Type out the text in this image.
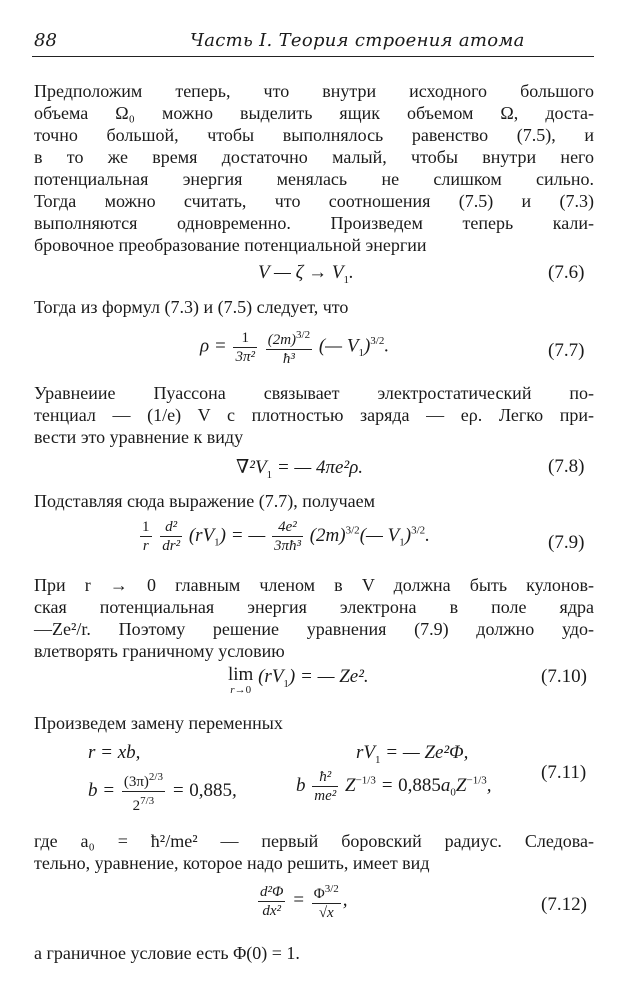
88	Часть I. Теория строения атома
Предположим теперь, что внутри исходного большого
объема Ω₀ можно выделить ящик объемом Ω, доста-
точно большой, чтобы выполнялось равенство (7.5), и
в то же время достаточно малый, чтобы внутри него
потенциальная энергия менялась не слишком сильно.
Тогда можно считать, что соотношения (7.5) и (7.3)
выполняются одновременно. Произведем теперь кали-
бровочное преобразование потенциальной энергии
V — $\zeta \to V_1$.	(7.6)
Тогда из формул (7.3) и (7.5) следует, что
$\rho = \frac{1}{\text{3π²}}$
$\frac{(2m)^{3/2}}{\text{ħ³}}$ (— $V_1)^{3/2}$.	(7.7)
Уравнеиие Пуассона связывает электростатический по-
тенциал — (1/e) V с плотностью заряда — eρ. Легко при-
вести это уравнение к виду
$\nabla^2V_1$ = — 4πe²ρ.	(7.8)
Подставляя сюда выражение (7.7), получаем
$\frac{1}{r}$
$\frac{\text{d²}}{\text{dr²}} (rV_1)$ = — $\frac{\text{4e²}}{\text{3πħ³}}$ $(2m)^{3/2}(—$ $V_1)^{3/2}$.	(7.9)
При r → 0 главным членом в V должна быть кулонов-
ская потенциальная энергия электрона в поле ядра
—Ze²/r. Поэтому решение уравнения (7.9) должно удо-
влетворять граничному условию
lim
r→0
$(rV_1)$ = — Ze².	(7.10)
Произведем замену переменных
r = xb,	$rV_1$ = — Ze²Φ,
$b = \frac{(3\pi)^{2/3}}{2^{7/3}} = 0,885$,	b $\frac{\text{ħ²}}{\text{me²}} Z^{-1/3} = 0,885a_0Z^{-1/3}$,
(7.11)
где a₀ = ħ²/me² — первый боровский радиус. Следова-
тельно, уравнение, которое надо решить, имеет вид
$\frac{\text{d²Φ}}{\text{dx²}} = \frac{\Phi^{3/2}}{√x}$ ,	(7.12)
а граничное условие есть Φ(0) = 1.
